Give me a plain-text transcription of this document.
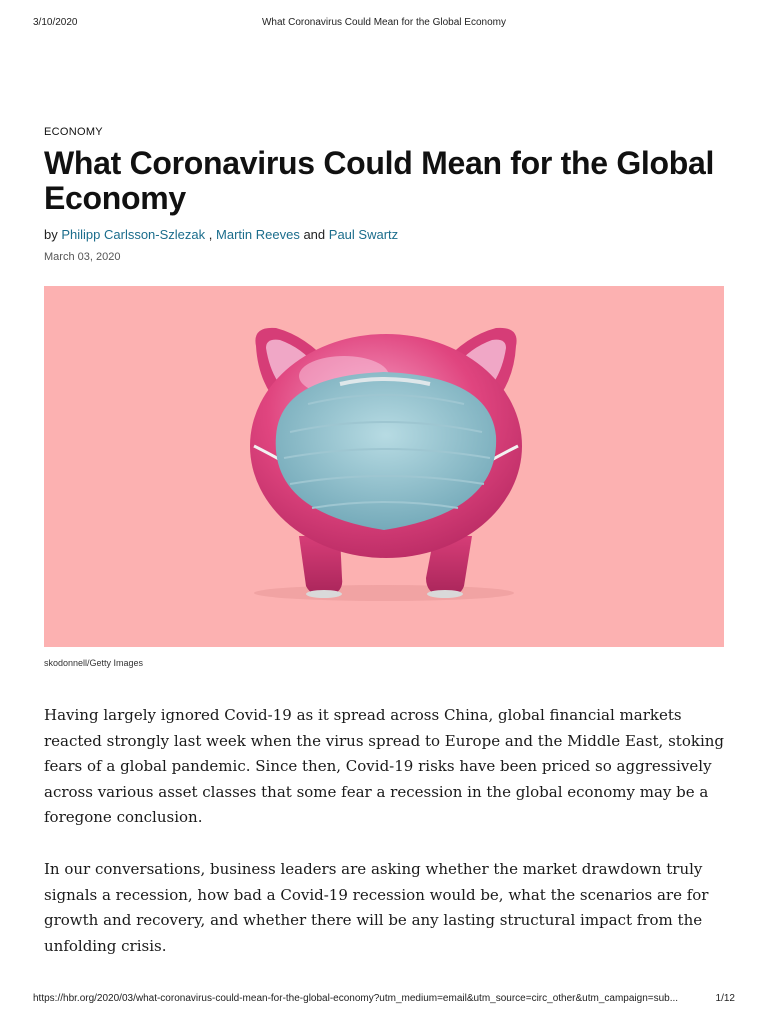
3/10/2020	What Coronavirus Could Mean for the Global Economy
ECONOMY
What Coronavirus Could Mean for the Global Economy
by Philipp Carlsson-Szlezak , Martin Reeves and Paul Swartz
March 03, 2020
skodonnell/Getty Images

Having largely ignored Covid-19 as it spread across China, global financial markets reacted strongly last week when the virus spread to Europe and the Middle East, stoking fears of a global pandemic. Since then, Covid-19 risks have been priced so aggressively across various asset classes that some fear a recession in the global economy may be a foregone conclusion.

In our conversations, business leaders are asking whether the market drawdown truly signals a recession, how bad a Covid-19 recession would be, what the scenarios are for growth and recovery, and whether there will be any lasting structural impact from the unfolding crisis.

https://hbr.org/2020/03/what-coronavirus-could-mean-for-the-global-economy?utm_medium=email&utm_source=circ_other&utm_campaign=sub...	1/12
